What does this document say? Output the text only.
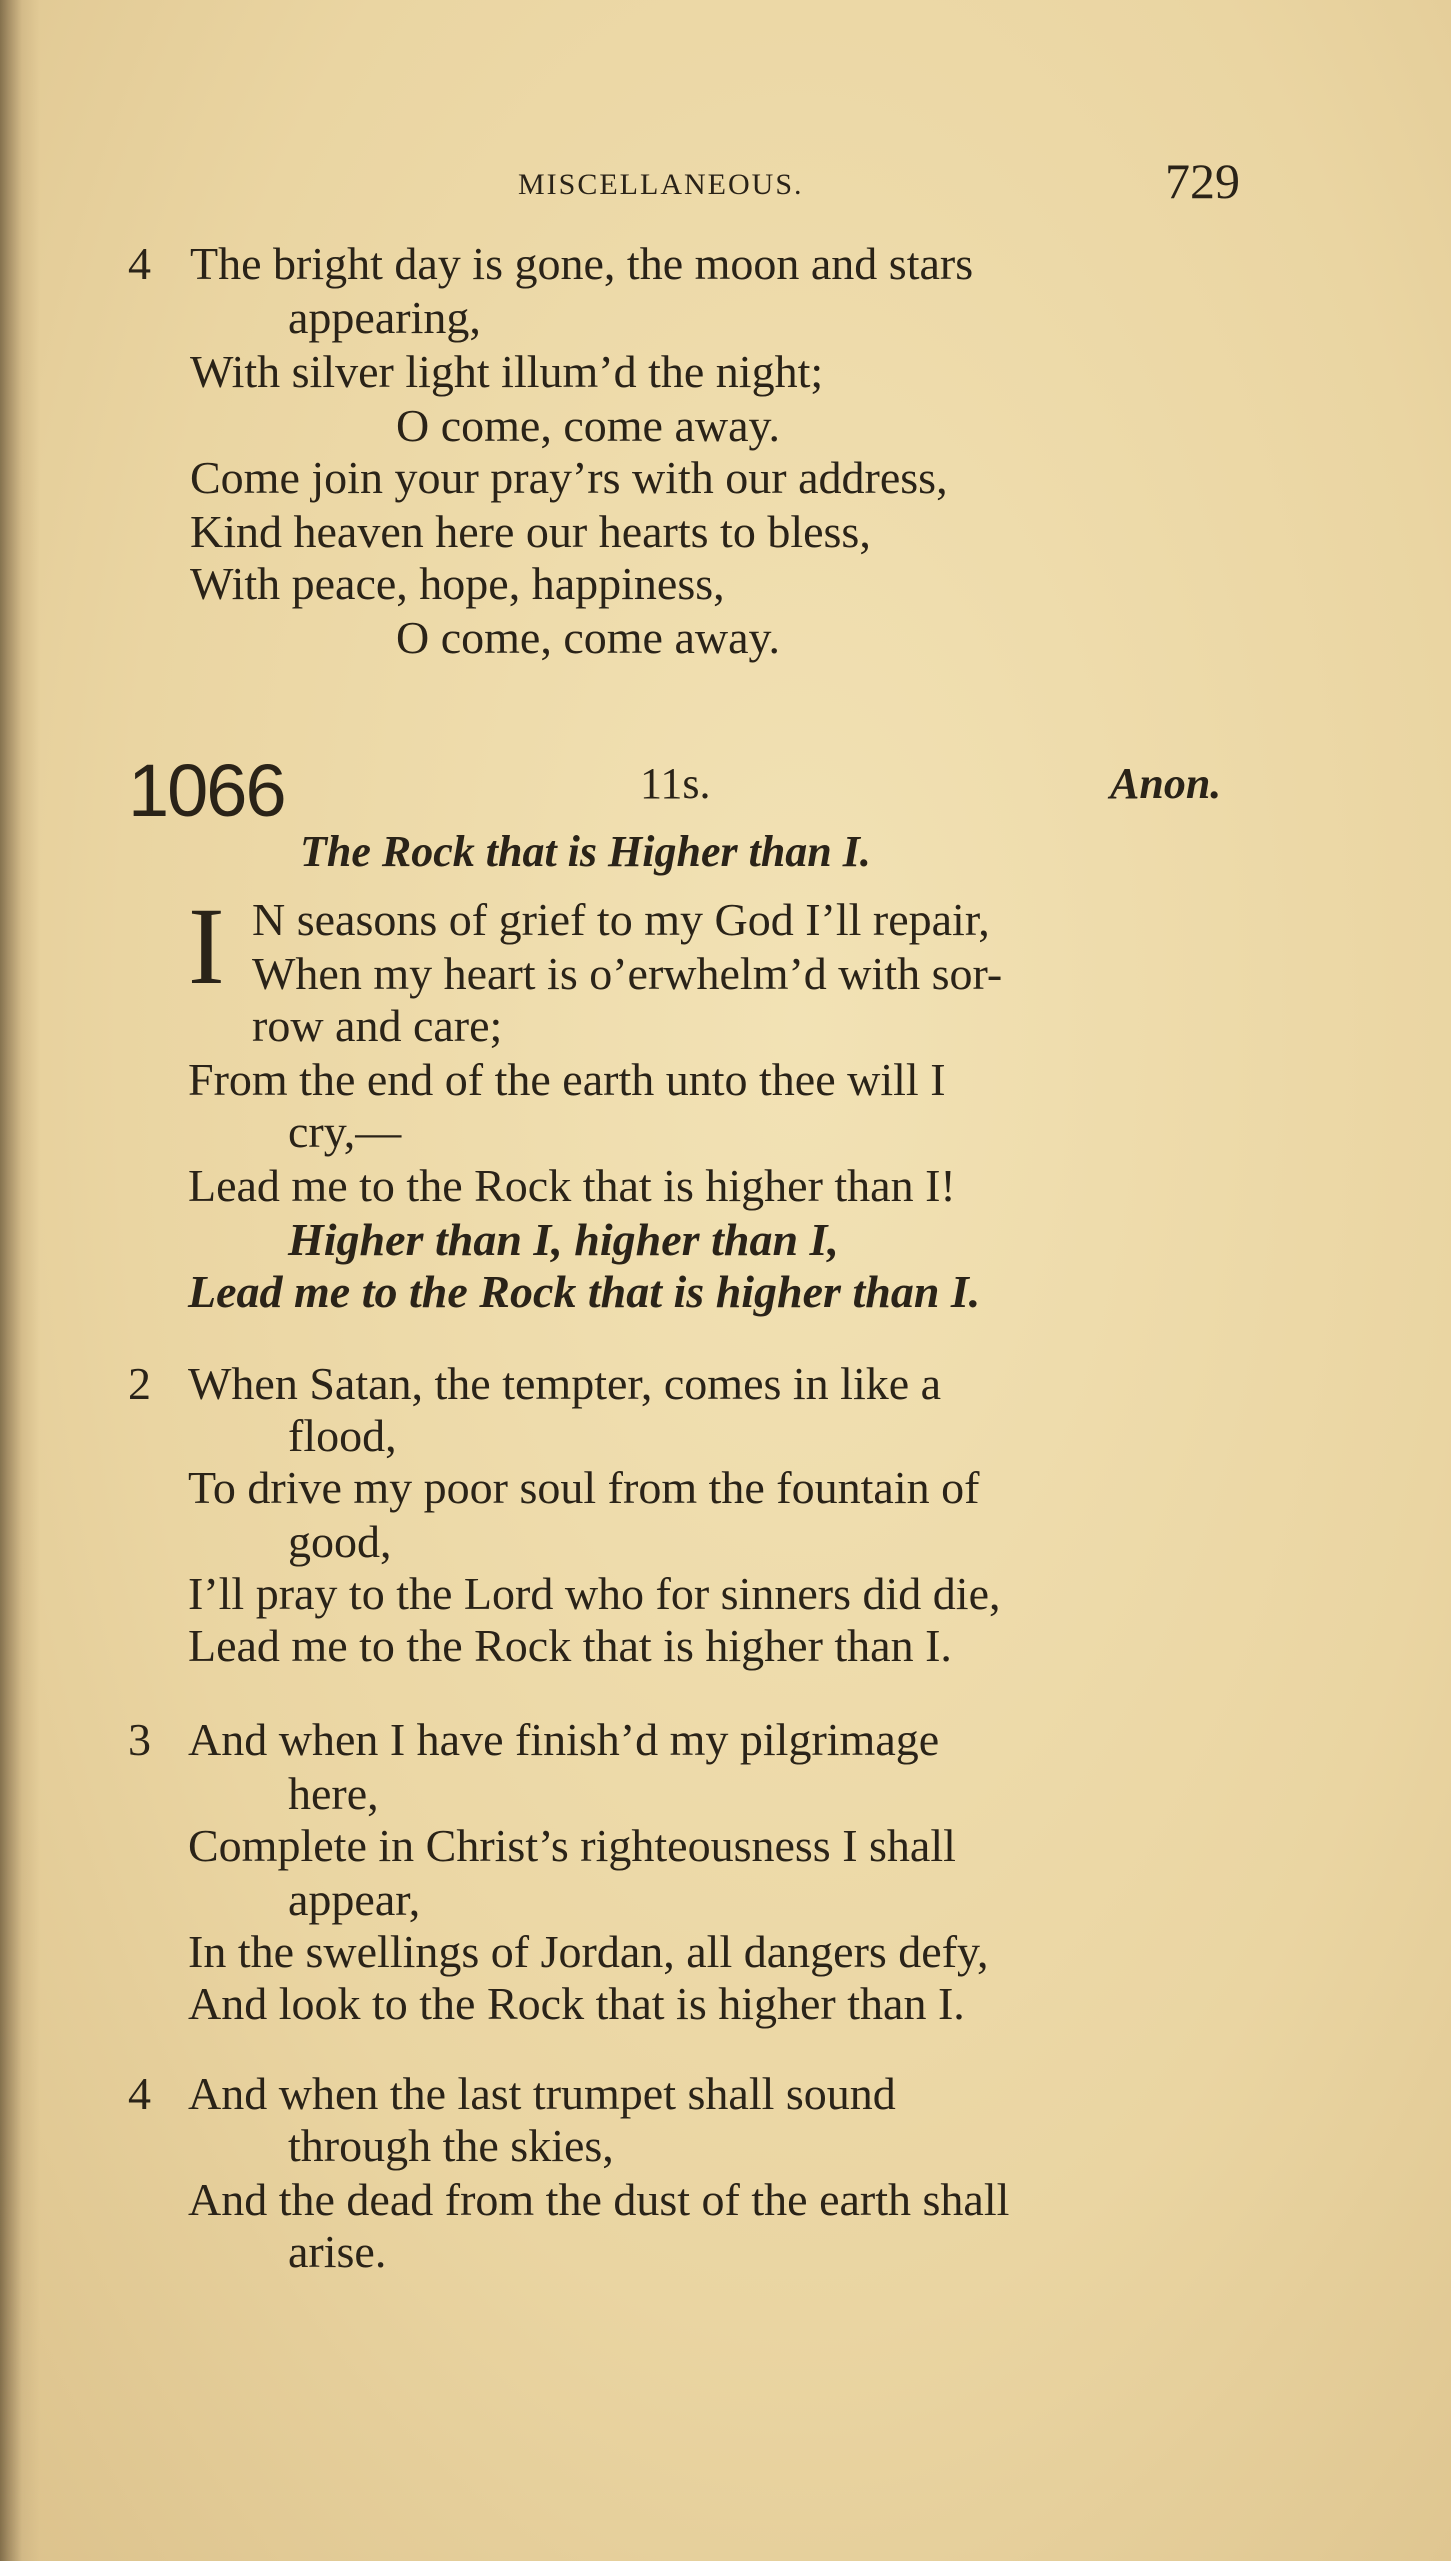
MISCELLANEOUS.	729
4 The bright day is gone, the moon and stars
appearing,
With silver light illum’d the night;
O come, come away.
Come join your pray’rs with our address,
Kind heaven here our hearts to bless,
With peace, hope, happiness,
O come, come away.
1066	11s.	Anon.
The Rock that is Higher than I.
I N seasons of grief to my God I’ll repair,
When my heart is o’erwhelm’d with sor-
row and care;
From the end of the earth unto thee will I
cry,—
Lead me to the Rock that is higher than I!
Higher than I, higher than I,
Lead me to the Rock that is higher than I.
2 When Satan, the tempter, comes in like a
flood,
To drive my poor soul from the fountain of
good,
I’ll pray to the Lord who for sinners did die,
Lead me to the Rock that is higher than I.
3 And when I have finish’d my pilgrimage
here,
Complete in Christ’s righteousness I shall
appear,
In the swellings of Jordan, all dangers defy,
And look to the Rock that is higher than I.
4 And when the last trumpet shall sound
through the skies,
And the dead from the dust of the earth shall
arise.
